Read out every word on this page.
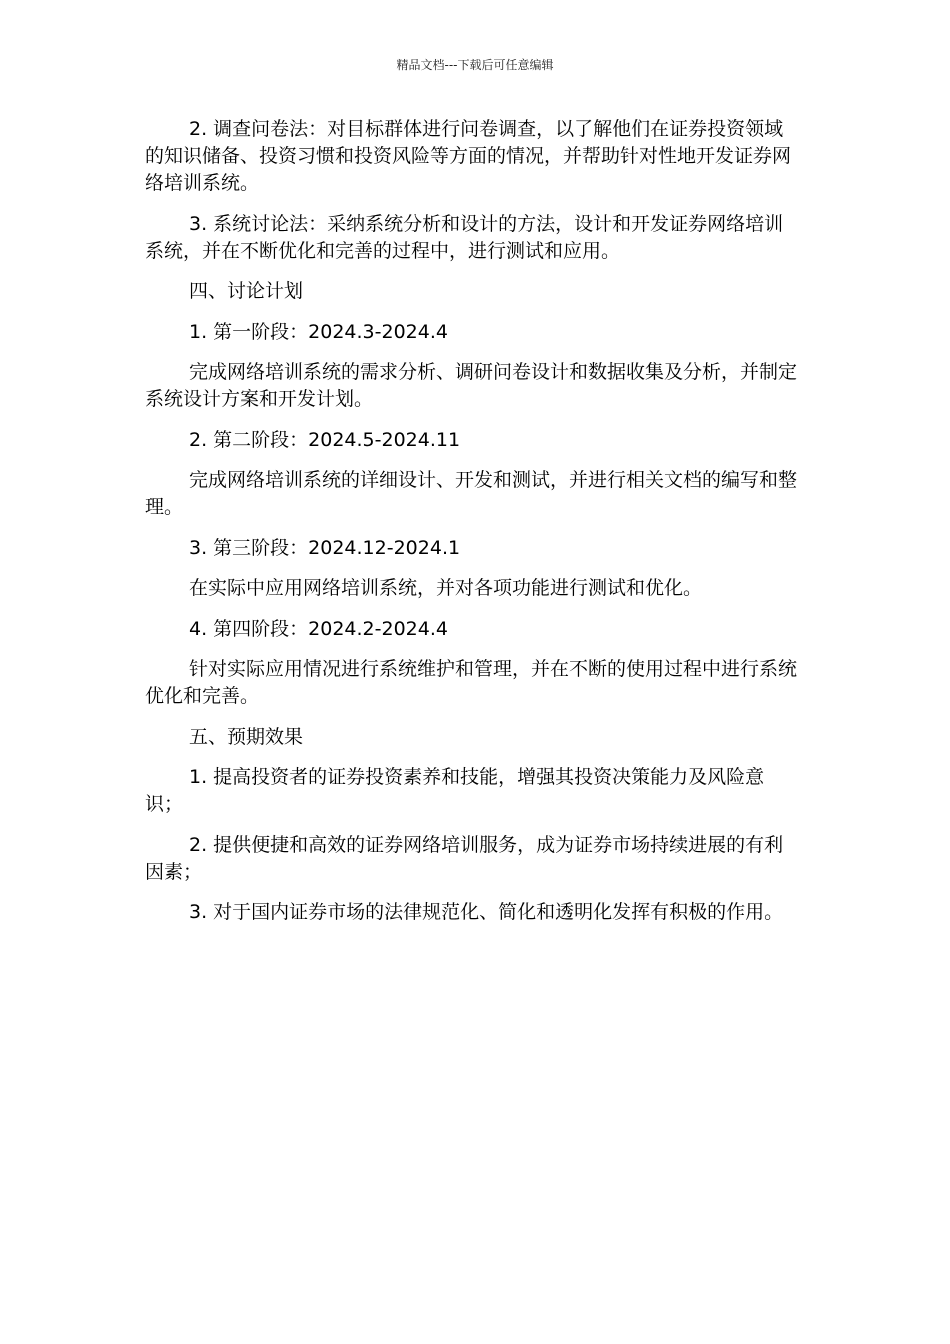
精品文档---下载后可任意编辑

2. 调查问卷法：对目标群体进行问卷调查，以了解他们在证券投资领域的知识储备、投资习惯和投资风险等方面的情况，并帮助针对性地开发证券网络培训系统。

3. 系统讨论法：采纳系统分析和设计的方法，设计和开发证券网络培训系统，并在不断优化和完善的过程中，进行测试和应用。

四、讨论计划

1. 第一阶段：2024.3-2024.4

完成网络培训系统的需求分析、调研问卷设计和数据收集及分析，并制定系统设计方案和开发计划。

2. 第二阶段：2024.5-2024.11

完成网络培训系统的详细设计、开发和测试，并进行相关文档的编写和整理。

3. 第三阶段：2024.12-2024.1

在实际中应用网络培训系统，并对各项功能进行测试和优化。

4. 第四阶段：2024.2-2024.4

针对实际应用情况进行系统维护和管理，并在不断的使用过程中进行系统优化和完善。

五、预期效果

1. 提高投资者的证券投资素养和技能，增强其投资决策能力及风险意识；

2. 提供便捷和高效的证券网络培训服务，成为证券市场持续进展的有利因素；

3. 对于国内证券市场的法律规范化、简化和透明化发挥有积极的作用。
